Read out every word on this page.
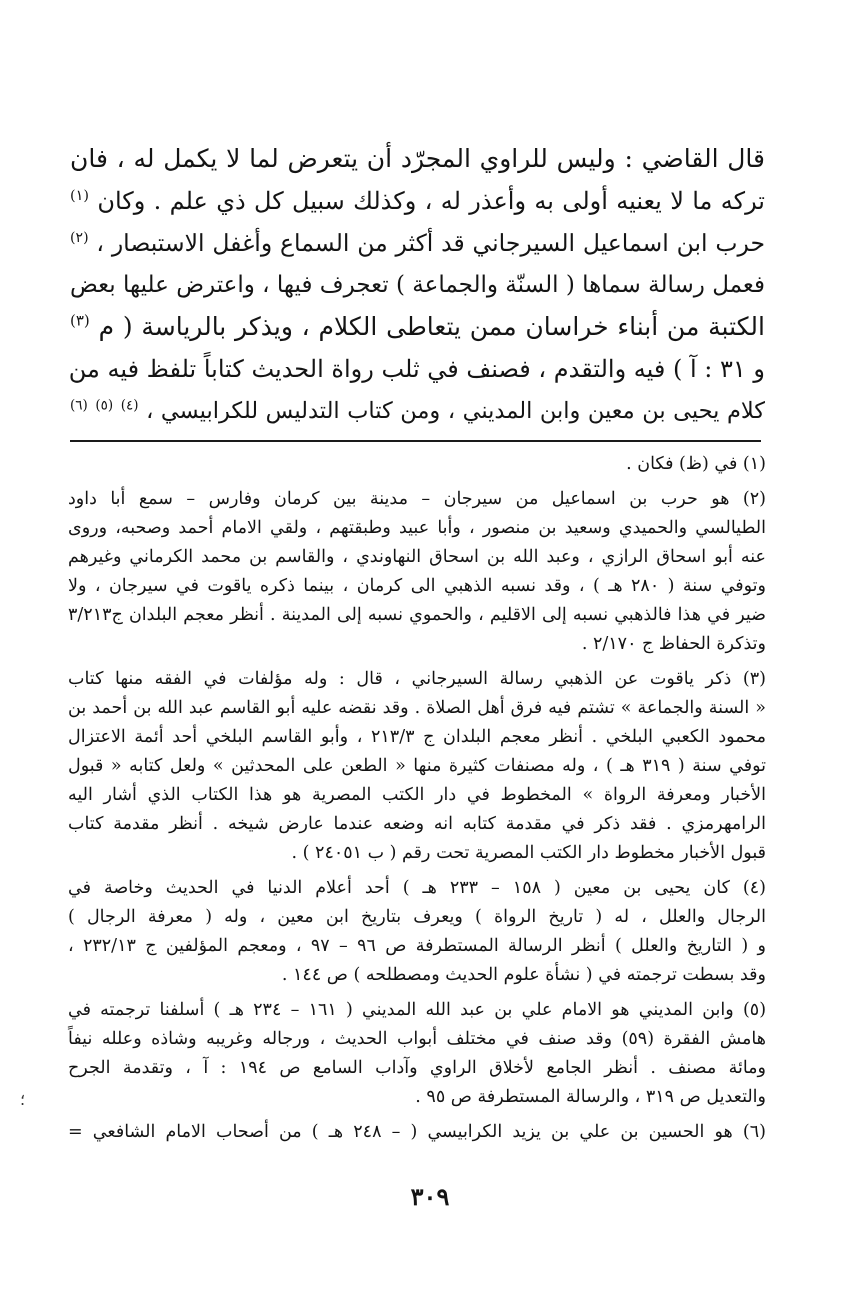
قال القاضي : وليس للراوي المجرّد أن يتعرض لما لا يكمل له ، فان
تركه ما لا يعنيه أولى به وأعذر له ، وكذلك سبيل كل ذي علم . وكان $^{(١)}$
حرب ابن اسماعيل السيرجاني قد أكثر من السماع وأغفل الاستبصار ، $^{(٢)}$
فعمل رسالة سماها ( السنّة والجماعة ) تعجرف فيها ، واعترض عليها بعض
الكتبة من أبناء خراسان ممن يتعاطى الكلام ، ويذكر بالرياسة ( م $^{(٣)}$
و ٣١ : آ ) فيه والتقدم ، فصنف في ثلب رواة الحديث كتاباً تلفظ فيه من
كلام يحيى بن معين وابن المديني ، ومن كتاب التدليس للكرابيسي ، $^{(٤)}$ $^{(٥)}$ $^{(٦)}$
(١) في (ظ) فكان .
(٢) هو حرب بن اسماعيل من سيرجان – مدينة بين كرمان وفارس – سمع أبا داود
الطيالسي والحميدي وسعيد بن منصور ، وأبا عبيد وطبقتهم ، ولقي الامام أحمد وصحبه، وروى
عنه أبو اسحاق الرازي ، وعبد الله بن اسحاق النهاوندي ، والقاسم بن محمد الكرماني وغيرهم
وتوفي سنة ( ٢٨٠ هـ ) ، وقد نسبه الذهبي الى كرمان ، بينما ذكره ياقوت في سيرجان ، ولا
ضير في هذا فالذهبي نسبه إلى الاقليم ، والحموي نسبه إلى المدينة . أنظر معجم البلدان ج٣/٢١٣
وتذكرة الحفاظ ج ٢/١٧٠ .
(٣) ذكر ياقوت عن الذهبي رسالة السيرجاني ، قال : وله مؤلفات في الفقه منها كتاب
« السنة والجماعة » تشتم فيه فرق أهل الصلاة . وقد نقضه عليه أبو القاسم عبد الله بن أحمد بن
محمود الكعبي البلخي . أنظر معجم البلدان ج ٢١٣/٣ ، وأبو القاسم البلخي أحد أئمة الاعتزال
توفي سنة ( ٣١٩ هـ ) ، وله مصنفات كثيرة منها « الطعن على المحدثين » ولعل كتابه « قبول
الأخبار ومعرفة الرواة » المخطوط في دار الكتب المصرية هو هذا الكتاب الذي أشار اليه
الرامهرمزي . فقد ذكر في مقدمة كتابه انه وضعه عندما عارض شيخه . أنظر مقدمة كتاب
قبول الأخبار مخطوط دار الكتب المصرية تحت رقم ( ب ٢٤٠٥١ ) .
(٤) كان يحيى بن معين ( ١٥٨ – ٢٣٣ هـ ) أحد أعلام الدنيا في الحديث وخاصة في
الرجال والعلل ، له ( تاريخ الرواة ) ويعرف بتاريخ ابن معين ، وله ( معرفة الرجال )
و ( التاريخ والعلل ) أنظر الرسالة المستطرفة ص ٩٦ – ٩٧ ، ومعجم المؤلفين ج ٢٣٢/١٣ ،
وقد بسطت ترجمته في ( نشأة علوم الحديث ومصطلحه ) ص ١٤٤ .
(٥) وابن المديني هو الامام علي بن عبد الله المديني ( ١٦١ – ٢٣٤ هـ ) أسلفنا ترجمته في
هامش الفقرة (٥٩) وقد صنف في مختلف أبواب الحديث ، ورجاله وغريبه وشاذه وعلله نيفاً
ومائة مصنف . أنظر الجامع لأخلاق الراوي وآداب السامع ص ١٩٤ : آ ، وتقدمة الجرح
والتعديل ص ٣١٩ ، والرسالة المستطرفة ص ٩٥ .
(٦) هو الحسين بن علي بن يزيد الكرابيسي ( – ٢٤٨ هـ ) من أصحاب الامام الشافعي =
٣٠٩
؛
